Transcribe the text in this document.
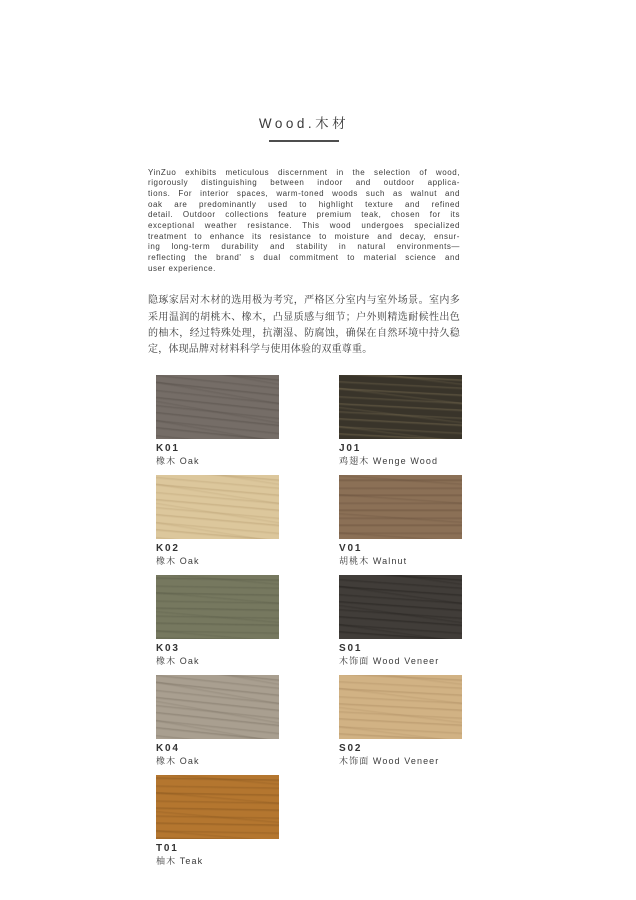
Wood.木材
YinZuo exhibits meticulous discernment in the selection of wood,
rigorously distinguishing between indoor and outdoor applica-
tions. For interior spaces, warm-toned woods such as walnut and
oak are predominantly used to highlight texture and refined
detail. Outdoor collections feature premium teak, chosen for its
exceptional weather resistance. This wood undergoes specialized
treatment to enhance its resistance to moisture and decay, ensur-
ing long-term durability and stability in natural environments—
reflecting the brand' s dual commitment to material science and
user experience.
隐琢家居对木材的选用极为考究，严格区分室内与室外场景。室内多
采用温润的胡桃木、橡木，凸显质感与细节；户外则精选耐候性出色
的柚木，经过特殊处理，抗潮湿、防腐蚀，确保在自然环境中持久稳
定，体现品牌对材料科学与使用体验的双重尊重。
K01
橡木 Oak
J01
鸡翅木 Wenge Wood
K02
橡木 Oak
V01
胡桃木 Walnut
K03
橡木 Oak
S01
木饰面 Wood Veneer
K04
橡木 Oak
S02
木饰面 Wood Veneer
T01
柚木 Teak
